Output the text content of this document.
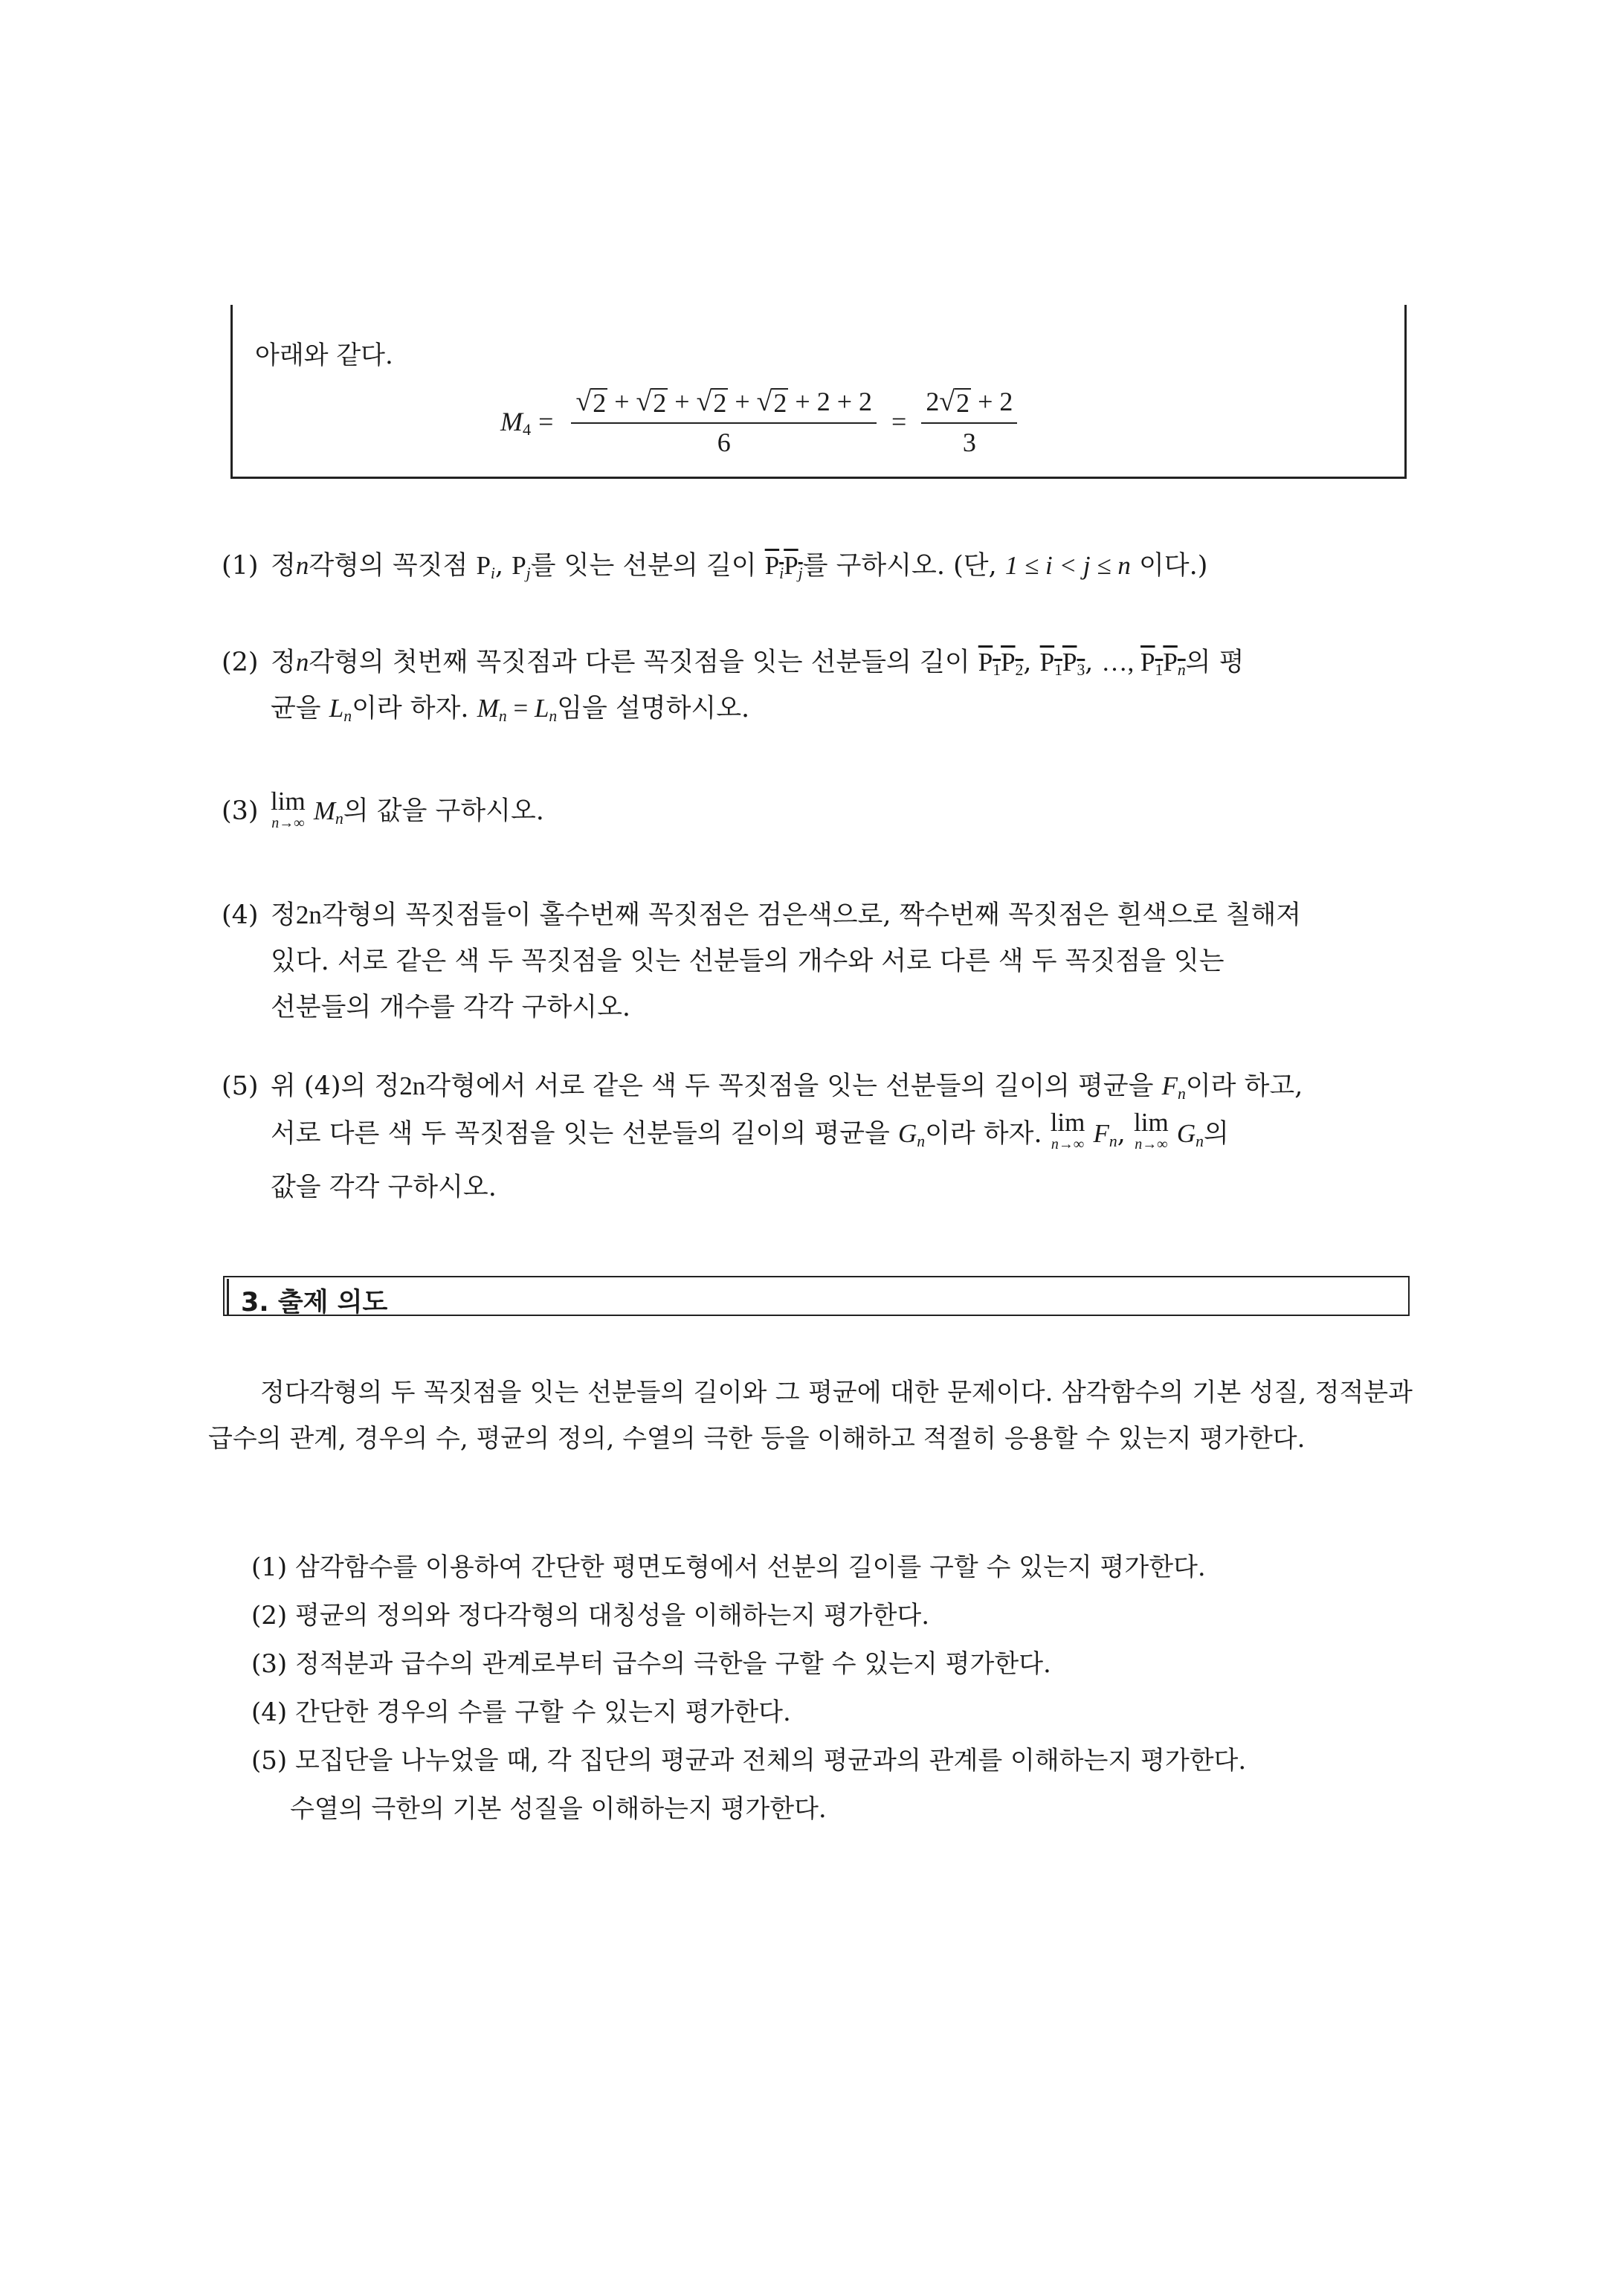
아래와 같다.
$M_4$ =
√ 2 + √ 2 + √ 2 + √ 2 + 2 + 2
6
= $\frac{2 √ 2 + 2}{3}$
(1) 정n각형의 꼭짓점 $P_i$, $P_j$를 잇는 선분의 길이 $P_iP_j$를 구하시오. (단, 1 ≤ i < j ≤ n 이다.)
(2) 정n각형의 첫번째 꼭짓점과 다른 꼭짓점을 잇는 선분들의 길이 $P_1P_2$, $P_1P_3$, …, $P_1P_n$의 평
균을 $L_n$이라 하자. $M_n = L_n$임을 설명하시오.
(3) lim
n→∞ $M_n$의 값을 구하시오.
(4) 정2n각형의 꼭짓점들이 홀수번째 꼭짓점은 검은색으로, 짝수번째 꼭짓점은 흰색으로 칠해져
있다. 서로 같은 색 두 꼭짓점을 잇는 선분들의 개수와 서로 다른 색 두 꼭짓점을 잇는
선분들의 개수를 각각 구하시오.
(5) 위 (4)의 정2n각형에서 서로 같은 색 두 꼭짓점을 잇는 선분들의 길이의 평균을 $F_n$이라 하고,
서로 다른 색 두 꼭짓점을 잇는 선분들의 길이의 평균을 $G_n$이라 하자. lim
n→∞ $F_n$, lim
n→∞ $G_n$의
값을 각각 구하시오.
3. 출제 의도
정다각형의 두 꼭짓점을 잇는 선분들의 길이와 그 평균에 대한 문제이다. 삼각함수의 기본 성질, 정적분과 급수의 관계, 경우의 수, 평균의 정의, 수열의 극한 등을 이해하고 적절히 응용할 수 있는지 평가한다.
(1) 삼각함수를 이용하여 간단한 평면도형에서 선분의 길이를 구할 수 있는지 평가한다.
(2) 평균의 정의와 정다각형의 대칭성을 이해하는지 평가한다.
(3) 정적분과 급수의 관계로부터 급수의 극한을 구할 수 있는지 평가한다.
(4) 간단한 경우의 수를 구할 수 있는지 평가한다.
(5) 모집단을 나누었을 때, 각 집단의 평균과 전체의 평균과의 관계를 이해하는지 평가한다.
수열의 극한의 기본 성질을 이해하는지 평가한다.
